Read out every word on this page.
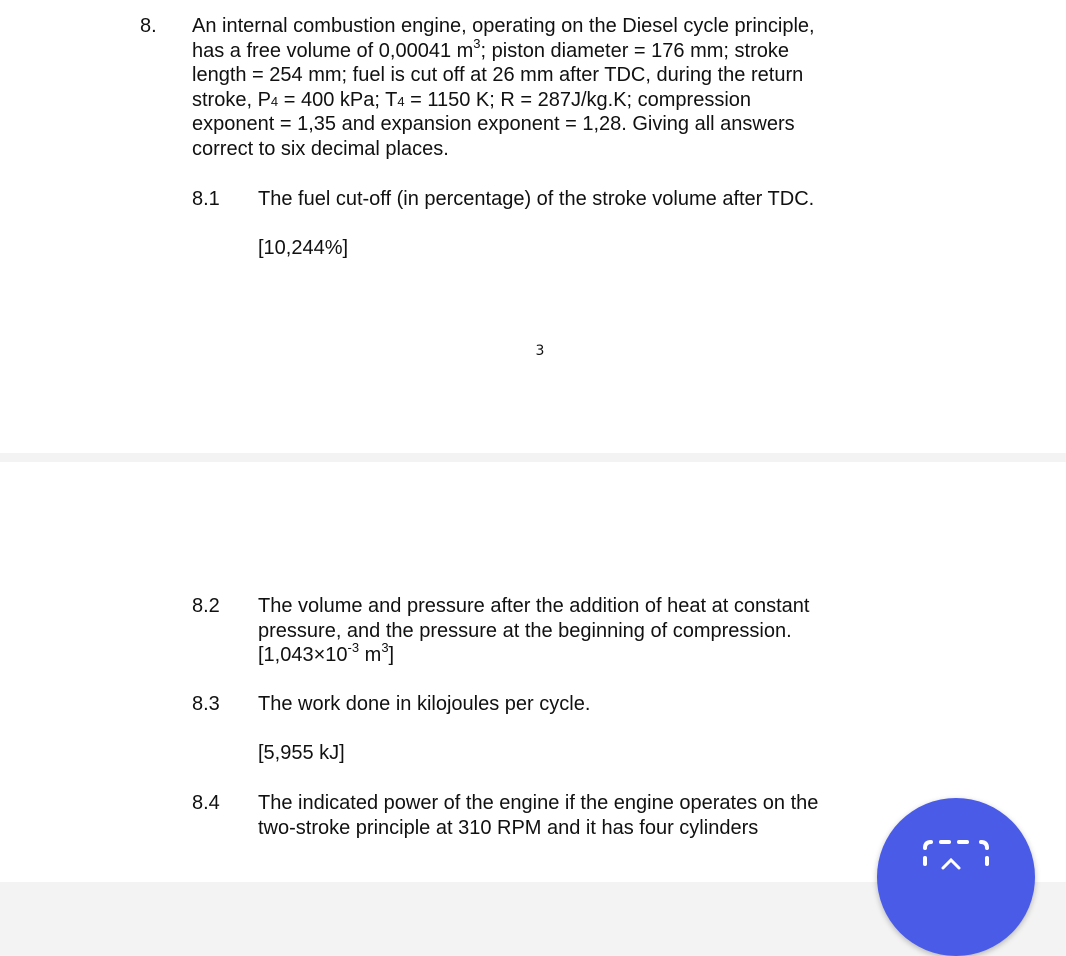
8. An internal combustion engine, operating on the Diesel cycle principle,
has a free volume of 0,00041 $m^3$; piston diameter = 176 mm; stroke
length = 254 mm; fuel is cut off at 26 mm after TDC, during the return
stroke, P4 = 400 kPa; T4 = 1150 K; R = 287J/kg.K; compression
exponent = 1,35 and expansion exponent = 1,28. Giving all answers
correct to six decimal places.
8.1 The fuel cut-off (in percentage) of the stroke volume after TDC.
[10,244%]
3
8.2 The volume and pressure after the addition of heat at constant
pressure, and the pressure at the beginning of compression.
[$1,043\times 10^{-3}$ $m^3$]
8.3 The work done in kilojoules per cycle.
[5,955 kJ]
8.4 The indicated power of the engine if the engine operates on the
two-stroke principle at 310 RPM and it has four cylinders
